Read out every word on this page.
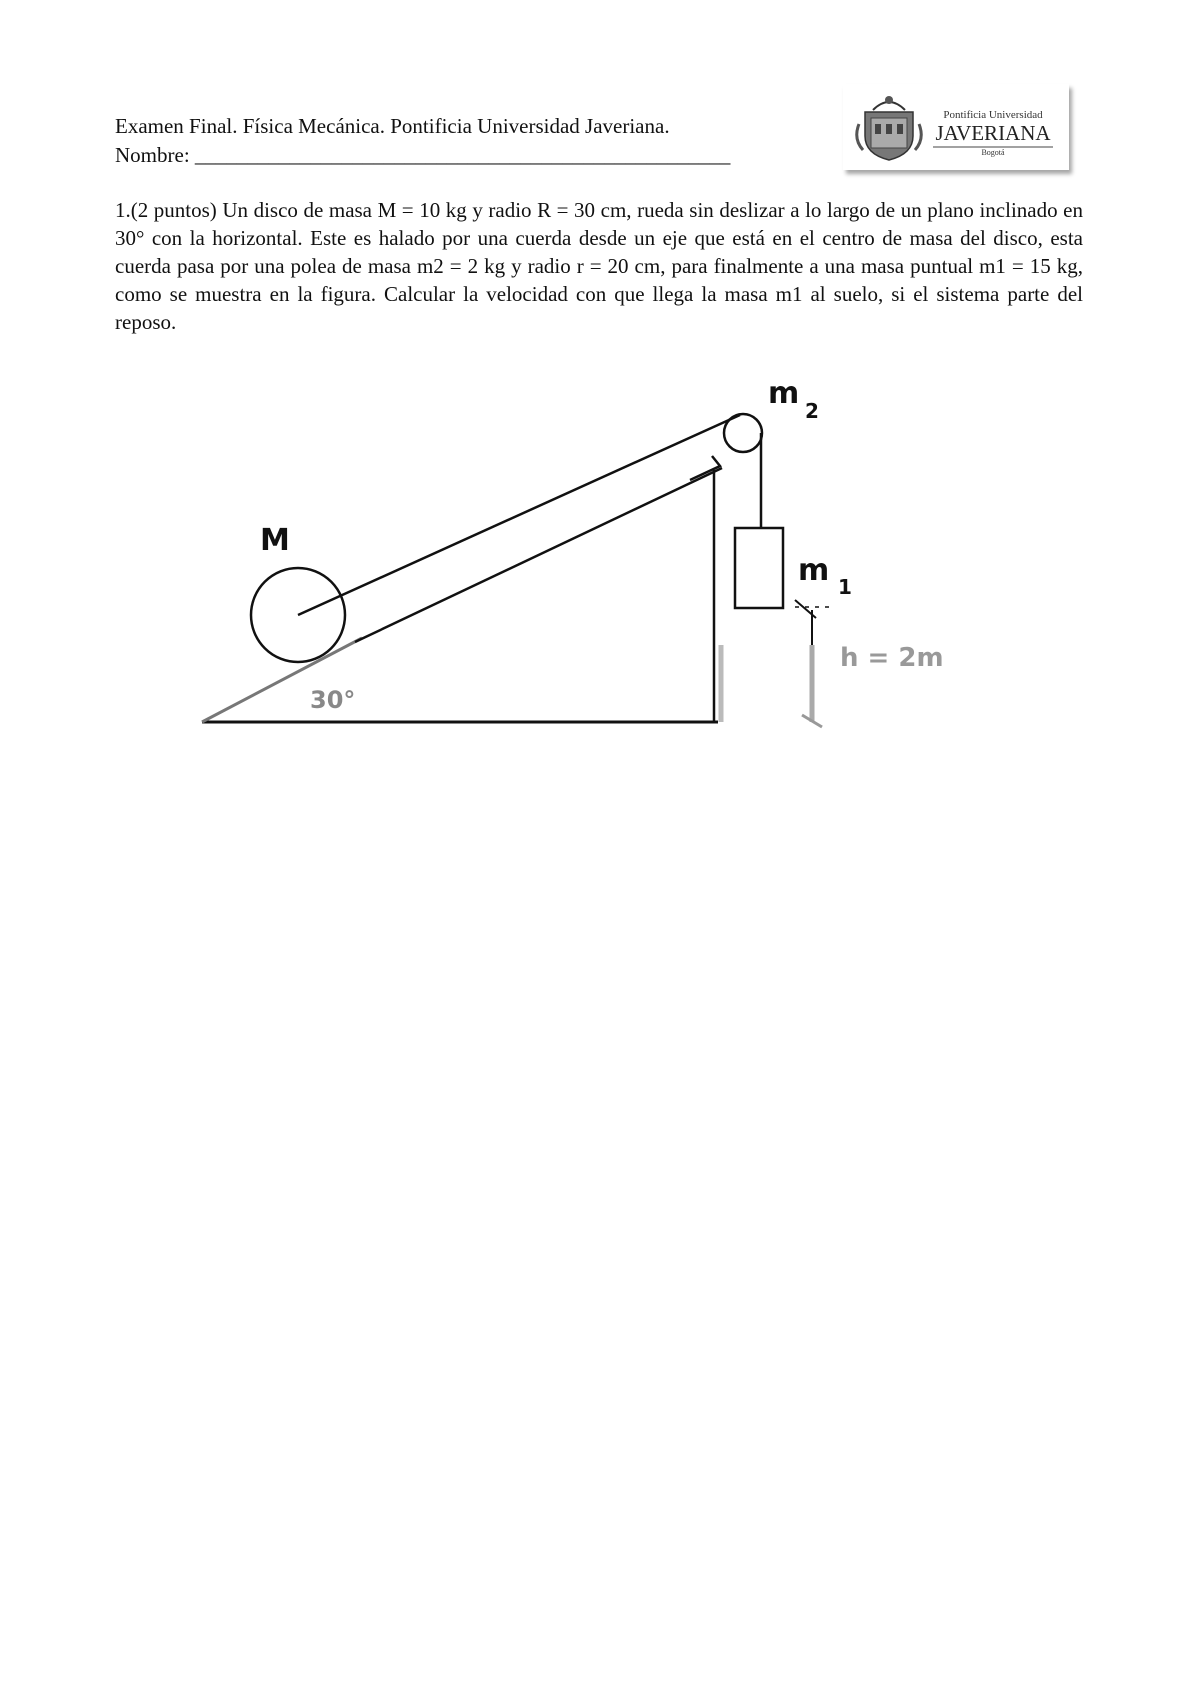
Examen Final. Física Mecánica. Pontificia Universidad Javeriana.
Nombre: ___________________________________________________
Pontificia Universidad
JAVERIANA
Bogotá
1.(2 puntos) Un disco de masa M = 10 kg y radio R = 30 cm, rueda sin deslizar a lo largo de un plano inclinado en 30° con la horizontal. Este es halado por una cuerda desde un eje que está en el centro de masa del disco, esta cuerda pasa por una polea de masa m2 = 2 kg y radio r = 20 cm, para finalmente a una masa puntual m1 = 15 kg, como se muestra en la figura. Calcular la velocidad con que llega la masa m1 al suelo, si el sistema parte del reposo.
M
m 2
m 1
30°
h = 2m
